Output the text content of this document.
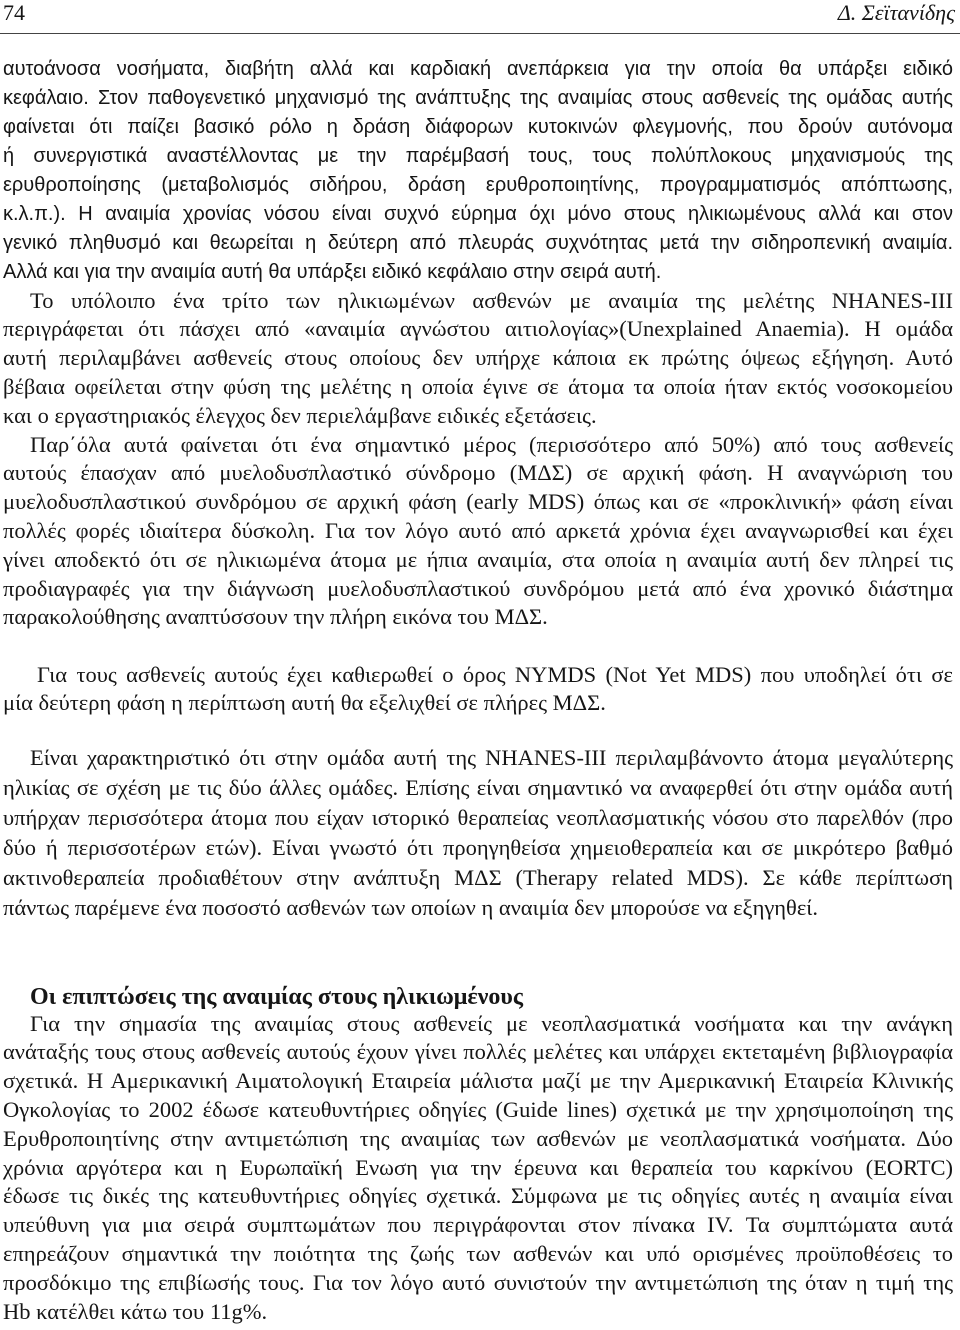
74	Δ. Σεϊτανίδης
αυτοάνοσα νοσήματα, διαβήτη αλλά και καρδιακή ανεπάρκεια για την οποία θα υπάρξει ειδικό
κεφάλαιο. Στον παθογενετικό μηχανισμό της ανάπτυξης της αναιμίας στους ασθενείς της ομάδας αυτής
φαίνεται ότι παίζει βασικό ρόλο η δράση διάφορων κυτοκινών φλεγμονής, που δρούν αυτόνομα
ή συνεργιστικά αναστέλλοντας με την παρέμβασή τους, τους πολύπλοκους μηχανισμούς της
ερυθροποίησης (μεταβολισμός σιδήρου, δράση ερυθροποιητίνης, προγραμματισμός απόπτωσης,
κ.λ.π.). Η αναιμία χρονίας νόσου είναι συχνό εύρημα όχι μόνο στους ηλικιωμένους αλλά και στον
γενικό πληθυσμό και θεωρείται η δεύτερη από πλευράς συχνότητας μετά την σιδηροπενική αναιμία.
Αλλά και για την αναιμία αυτή θα υπάρξει ειδικό κεφάλαιο στην σειρά αυτή.
Το υπόλοιπο ένα τρίτο των ηλικιωμένων ασθενών με αναιμία της μελέτης NHANES-III
περιγράφεται ότι πάσχει από «αναιμία αγνώστου αιτιολογίας»(Unexplained Anaemia). Η ομάδα
αυτή περιλαμβάνει ασθενείς στους οποίους δεν υπήρχε κάποια εκ πρώτης όψεως εξήγηση. Αυτό
βέβαια οφείλεται στην φύση της μελέτης η οποία έγινε σε άτομα τα οποία ήταν εκτός νοσοκομείου
και ο εργαστηριακός έλεγχος δεν περιελάμβανε ειδικές εξετάσεις.
Παρ΄όλα αυτά φαίνεται ότι ένα σημαντικό μέρος (περισσότερο από 50%) από τους ασθενείς
αυτούς έπασχαν από μυελοδυσπλαστικό σύνδρομο (ΜΔΣ) σε αρχική φάση. Η αναγνώριση του
μυελοδυσπλαστικού συνδρόμου σε αρχική φάση (early MDS) όπως και σε «προκλινική» φάση είναι
πολλές φορές ιδιαίτερα δύσκολη. Για τον λόγο αυτό από αρκετά χρόνια έχει αναγνωρισθεί και έχει
γίνει αποδεκτό ότι σε ηλικιωμένα άτομα με ήπια αναιμία, στα οποία η αναιμία αυτή δεν πληρεί τις
προδιαγραφές για την διάγνωση μυελοδυσπλαστικού συνδρόμου μετά από ένα χρονικό διάστημα
παρακολούθησης αναπτύσσουν την πλήρη εικόνα του ΜΔΣ.
Για τους ασθενείς αυτούς έχει καθιερωθεί ο όρος NYMDS (Not Yet MDS) που υποδηλεί ότι σε
μία δεύτερη φάση η περίπτωση αυτή θα εξελιχθεί σε πλήρες ΜΔΣ.
Είναι χαρακτηριστικό ότι στην ομάδα αυτή της NHANES-III περιλαμβάνοντο άτομα μεγαλύτερης
ηλικίας σε σχέση με τις δύο άλλες ομάδες. Επίσης είναι σημαντικό να αναφερθεί ότι στην ομάδα αυτή
υπήρχαν περισσότερα άτομα που είχαν ιστορικό θεραπείας νεοπλασματικής νόσου στο παρελθόν (προ
δύο ή περισσοτέρων ετών). Είναι γνωστό ότι προηγηθείσα χημειοθεραπεία και σε μικρότερο βαθμό
ακτινοθεραπεία προδιαθέτουν στην ανάπτυξη ΜΔΣ (Therapy related MDS). Σε κάθε περίπτωση
πάντως παρέμενε ένα ποσοστό ασθενών των οποίων η αναιμία δεν μπορούσε να εξηγηθεί.
Οι επιπτώσεις της αναιμίας στους ηλικιωμένους
Για την σημασία της αναιμίας στους ασθενείς με νεοπλασματικά νοσήματα και την ανάγκη
ανάταξής τους στους ασθενείς αυτούς έχουν γίνει πολλές μελέτες και υπάρχει εκτεταμένη βιβλιογραφία
σχετικά. Η Αμερικανική Αιματολογική Εταιρεία μάλιστα μαζί με την Αμερικανική Εταιρεία Κλινικής
Ογκολογίας το 2002 έδωσε κατευθυντήριες οδηγίες (Guide lines) σχετικά με την χρησιμοποίηση της
Ερυθροποιητίνης στην αντιμετώπιση της αναιμίας των ασθενών με νεοπλασματικά νοσήματα. Δύο
χρόνια αργότερα και η Ευρωπαϊκή Ενωση για την έρευνα και θεραπεία του καρκίνου (EORTC)
έδωσε τις δικές της κατευθυντήριες οδηγίες σχετικά. Σύμφωνα με τις οδηγίες αυτές η αναιμία είναι
υπεύθυνη για μια σειρά συμπτωμάτων που περιγράφονται στον πίνακα IV. Τα συμπτώματα αυτά
επηρεάζουν σημαντικά την ποιότητα της ζωής των ασθενών και υπό ορισμένες προϋποθέσεις το
προσδόκιμο της επιβίωσής τους. Για τον λόγο αυτό συνιστούν την αντιμετώπιση της όταν η τιμή της
Hb κατέλθει κάτω του 11g%.
